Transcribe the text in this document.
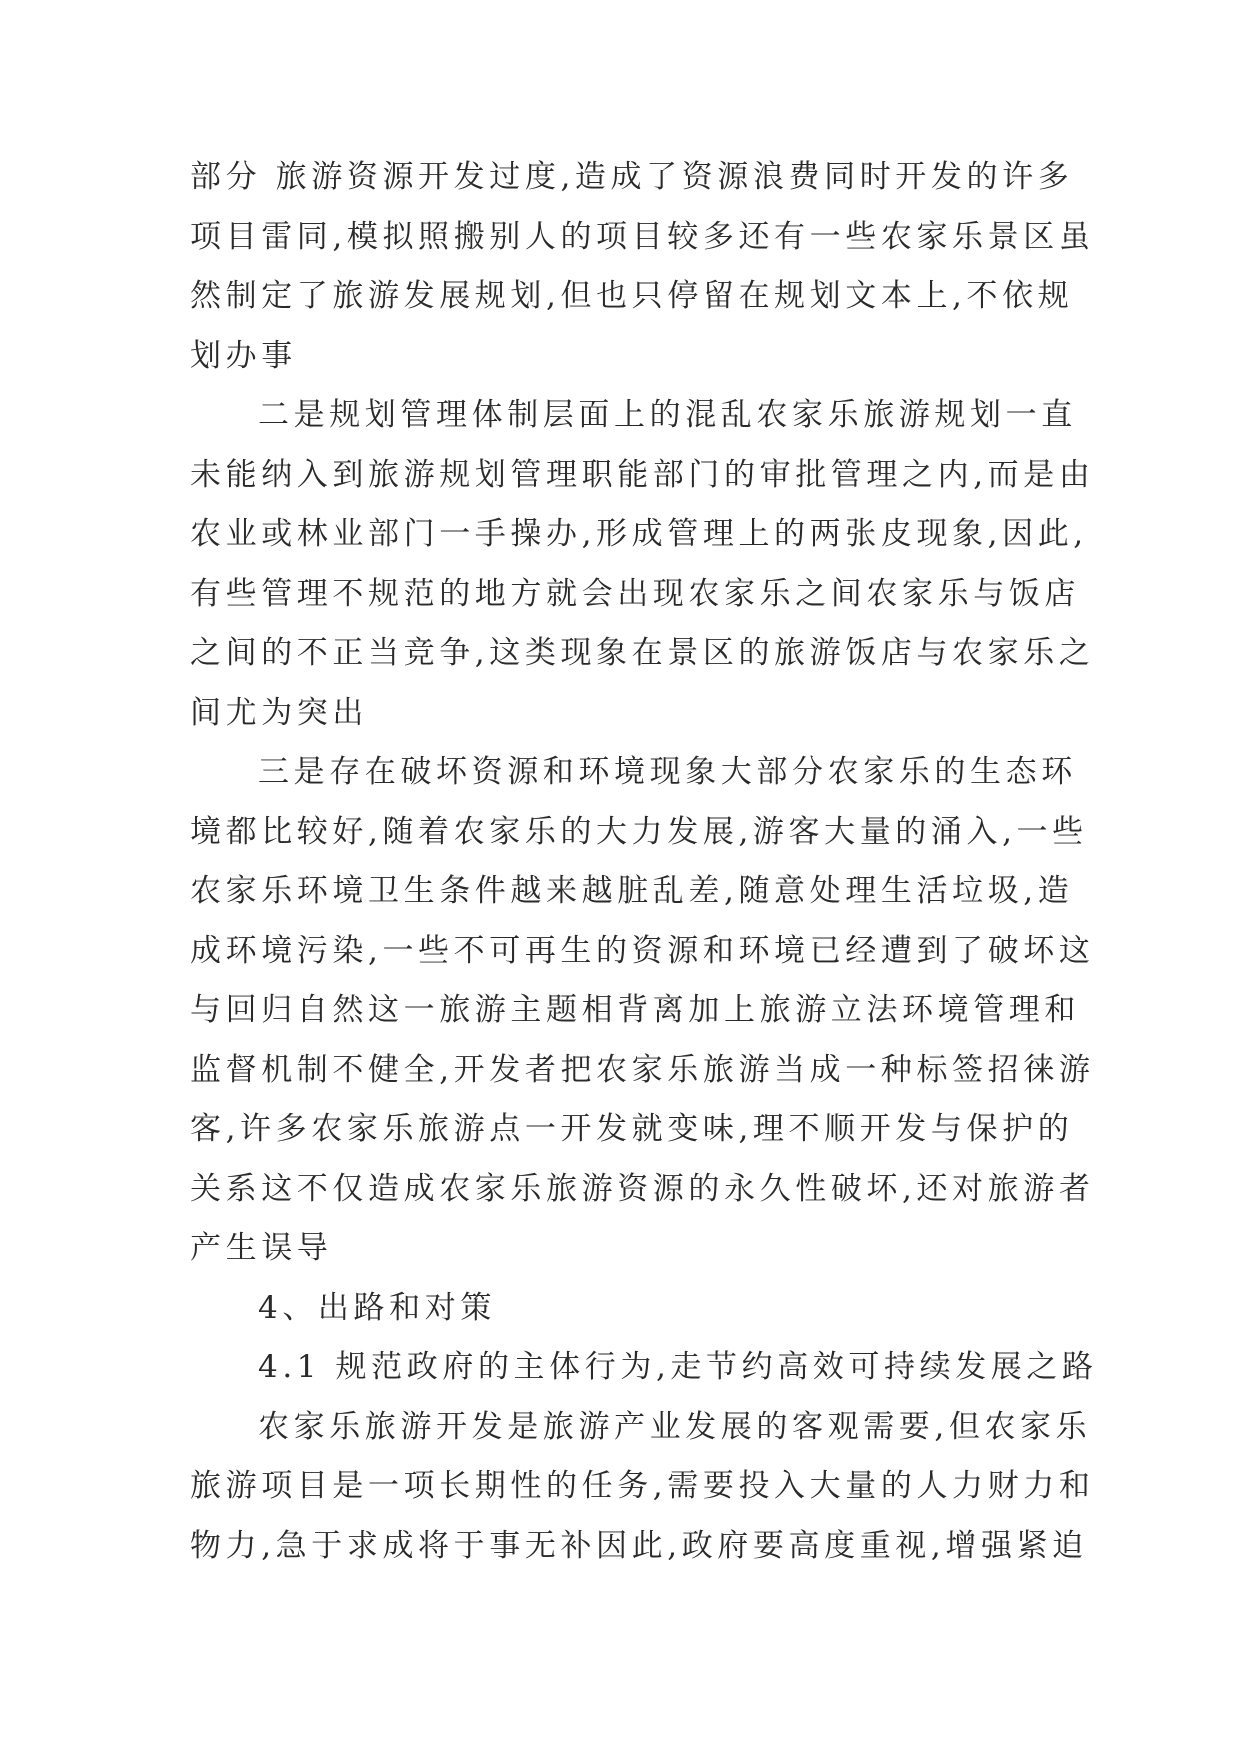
部分 旅游资源开发过度,造成了资源浪费同时开发的许多
项目雷同,模拟照搬别人的项目较多还有一些农家乐景区虽
然制定了旅游发展规划,但也只停留在规划文本上,不依规
划办事
二是规划管理体制层面上的混乱农家乐旅游规划一直
未能纳入到旅游规划管理职能部门的审批管理之内,而是由
农业或林业部门一手操办,形成管理上的两张皮现象,因此,
有些管理不规范的地方就会出现农家乐之间农家乐与饭店
之间的不正当竞争,这类现象在景区的旅游饭店与农家乐之
间尤为突出
三是存在破坏资源和环境现象大部分农家乐的生态环
境都比较好,随着农家乐的大力发展,游客大量的涌入,一些
农家乐环境卫生条件越来越脏乱差,随意处理生活垃圾,造
成环境污染,一些不可再生的资源和环境已经遭到了破坏这
与回归自然这一旅游主题相背离加上旅游立法环境管理和
监督机制不健全,开发者把农家乐旅游当成一种标签招徕游
客,许多农家乐旅游点一开发就变味,理不顺开发与保护的
关系这不仅造成农家乐旅游资源的永久性破坏,还对旅游者
产生误导
4、出路和对策
4.1 规范政府的主体行为,走节约高效可持续发展之路
农家乐旅游开发是旅游产业发展的客观需要,但农家乐
旅游项目是一项长期性的任务,需要投入大量的人力财力和
物力,急于求成将于事无补因此,政府要高度重视,增强紧迫
